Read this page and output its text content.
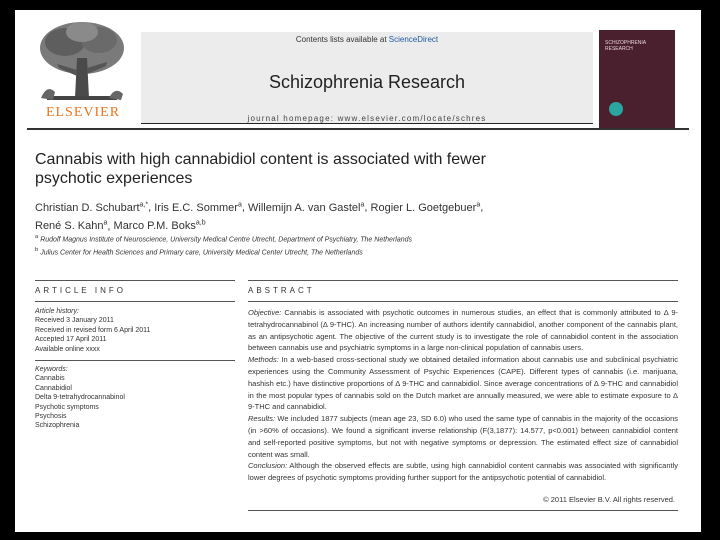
ELSEVIER
Contents lists available at ScienceDirect
Schizophrenia Research
journal homepage: www.elsevier.com/locate/schres
SCHIZOPHRENIA RESEARCH
Cannabis with high cannabidiol content is associated with fewer
psychotic experiences
Christian D. Schubart$^{a,*}$, Iris E.C. Sommer$^a$, Willemijn A. van Gastel$^a$, Rogier L. Goetgebuer$^a$,
René S. Kahn$^a$, Marco P.M. Boks$^{a,b}$
$^a$ Rudolf Magnus Institute of Neuroscience, University Medical Centre Utrecht, Department of Psychiatry, The Netherlands
$^b$ Julius Center for Health Sciences and Primary care, University Medical Center Utrecht, The Netherlands
ARTICLE INFO	ABSTRACT
Article history:
Received 3 January 2011
Received in revised form 6 April 2011
Accepted 17 April 2011
Available online xxxx
Keywords:
Cannabis
Cannabidiol
Delta 9-tetrahydrocannabinol
Psychotic symptoms
Psychosis
Schizophrenia

Objective: Cannabis is associated with psychotic outcomes in numerous studies, an effect that is commonly attributed to Δ 9-tetrahydrocannabinol (Δ 9-THC). An increasing number of authors identify cannabidiol, another component of the cannabis plant, as an antipsychotic agent. The objective of the current study is to investigate the role of cannabidiol content in the association between cannabis use and psychiatric symptoms in a large non-clinical population of cannabis users.

Methods: In a web-based cross-sectional study we obtained detailed information about cannabis use and subclinical psychiatric experiences using the Community Assessment of Psychic Experiences (CAPE). Different types of cannabis (i.e. marijuana, hashish etc.) have distinctive proportions of Δ 9-THC and cannabidiol. Since average concentrations of Δ 9-THC and cannabidiol in the most popular types of cannabis sold on the Dutch market are annually measured, we were able to estimate exposure to Δ 9-THC and cannabidiol.

Results: We included 1877 subjects (mean age 23, SD 6.0) who used the same type of cannabis in the majority of the occasions (in >60% of occasions). We found a significant inverse relationship (F(3,1877): 14.577, p<0.001) between cannabidiol content and self-reported positive symptoms, but not with negative symptoms or depression. The estimated effect size of cannabidiol content was small.

Conclusion: Although the observed effects are subtle, using high cannabidiol content cannabis was associated with significantly lower degrees of psychotic symptoms providing further support for the antipsychotic potential of cannabidiol.

© 2011 Elsevier B.V. All rights reserved.
